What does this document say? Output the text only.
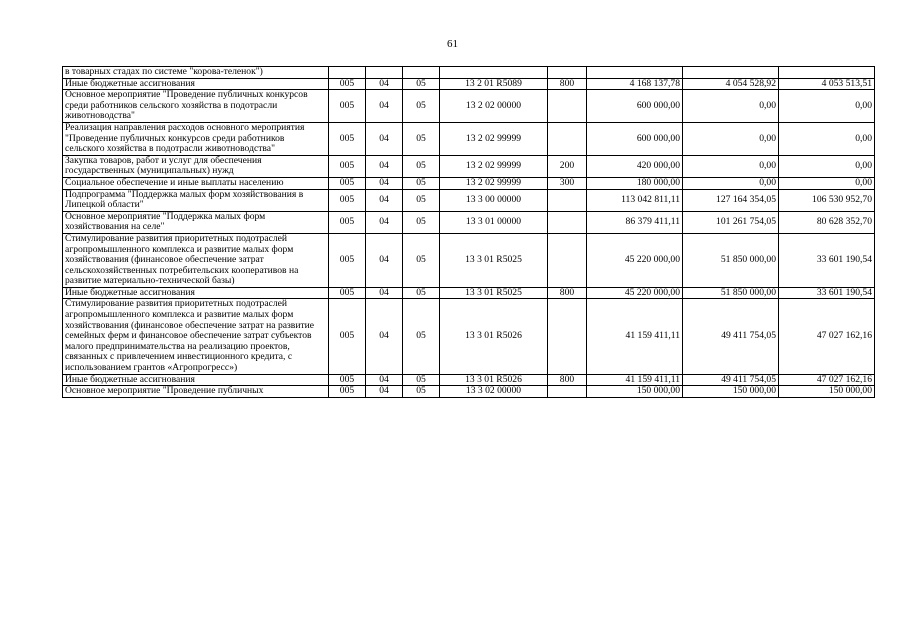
61
в товарных стадах по системе "корова-теленок")								
Иные бюджетные ассигнования	005	04	05	13 2 01 R5089	800	4 168 137,78	4 054 528,92	4 053 513,51
Основное мероприятие "Проведение публичных конкурсов среди работников сельского хозяйства в подотрасли животноводства"	005	04	05	13 2 02 00000		600 000,00	0,00	0,00
Реализация направления расходов основного мероприятия "Проведение публичных конкурсов среди работников сельского хозяйства в подотрасли животноводства"	005	04	05	13 2 02 99999		600 000,00	0,00	0,00
Закупка товаров, работ и услуг для обеспечения государственных (муниципальных) нужд	005	04	05	13 2 02 99999	200	420 000,00	0,00	0,00
Социальное обеспечение и иные выплаты населению	005	04	05	13 2 02 99999	300	180 000,00	0,00	0,00
Подпрограмма "Поддержка малых форм хозяйствования в Липецкой области"	005	04	05	13 3 00 00000		113 042 811,11	127 164 354,05	106 530 952,70
Основное мероприятие "Поддержка малых форм хозяйствования на селе"	005	04	05	13 3 01 00000		86 379 411,11	101 261 754,05	80 628 352,70
Стимулирование развития приоритетных подотраслей агропромышленного комплекса и развитие малых форм хозяйствования (финансовое обеспечение затрат сельскохозяйственных потребительских кооперативов на развитие материально-технической базы)	005	04	05	13 3 01 R5025		45 220 000,00	51 850 000,00	33 601 190,54
Иные бюджетные ассигнования	005	04	05	13 3 01 R5025	800	45 220 000,00	51 850 000,00	33 601 190,54
Стимулирование развития приоритетных подотраслей агропромышленного комплекса и развитие малых форм хозяйствования (финансовое обеспечение затрат на развитие семейных ферм и финансовое обеспечение затрат субъектов малого предпринимательства на реализацию проектов, связанных с привлечением инвестиционного кредита, с использованием грантов «Агропрогресс»)	005	04	05	13 3 01 R5026		41 159 411,11	49 411 754,05	47 027 162,16
Иные бюджетные ассигнования	005	04	05	13 3 01 R5026	800	41 159 411,11	49 411 754,05	47 027 162,16
Основное мероприятие "Проведение публичных	005	04	05	13 3 02 00000		150 000,00	150 000,00	150 000,00
